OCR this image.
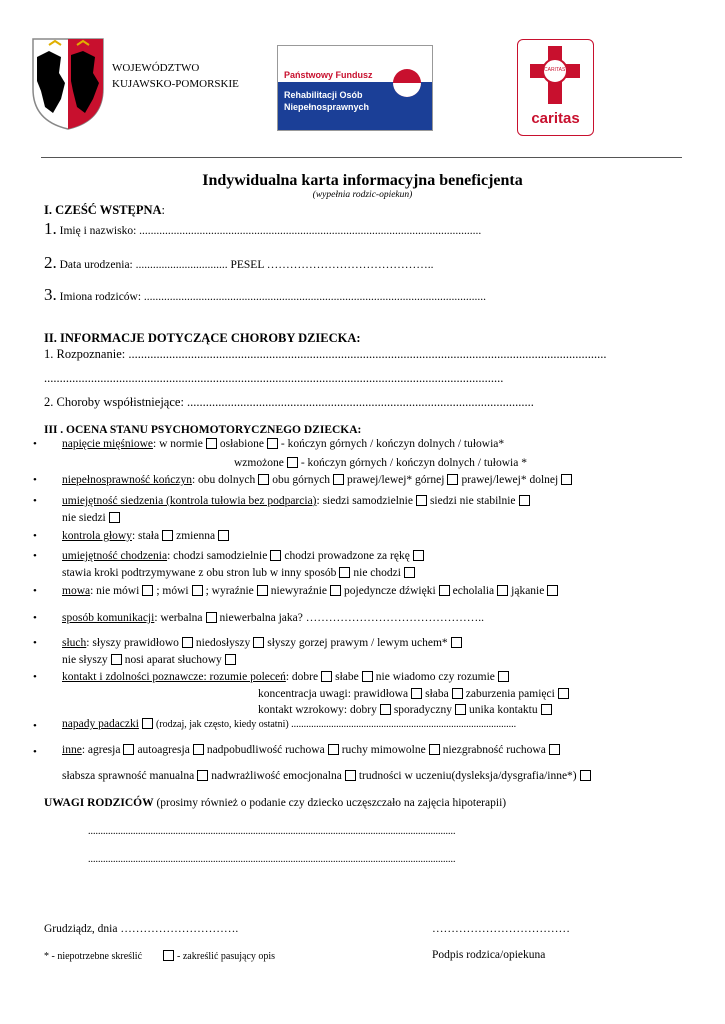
WOJEWÓDZTWO
KUJAWSKO-POMORSKIE
Państwowy Fundusz
Rehabilitacji Osób
Niepełnosprawnych
CARITAS
caritas
Indywidualna karta informacyjna beneficjenta
(wypełnia rodzic-opiekun)
I. CZEŚĆ WSTĘPNA:
1. Imię i nazwisko: .......................................................................................................................
2. Data urodzenia: ................................ PESEL ……………………………………..
3. Imiona rodziców: .......................................................................................................................
II. INFORMACJE DOTYCZĄCE CHOROBY DZIECKA:
1. Rozpoznanie: .........................................................................................................................................................
...................................................................................................................................................
2. Choroby współistniejące: ...............................................................................................................
III . OCENA STANU PSYCHOMOTORYCZNEGO DZIECKA:
• napięcie mięśniowe: w normie osłabione - kończyn górnych / kończyn dolnych / tułowia*
wzmożone - kończyn górnych / kończyn dolnych / tułowia *
• niepełnosprawność kończyn: obu dolnych obu górnych prawej/lewej* górnej prawej/lewej* dolnej
• umiejętność siedzenia (kontrola tułowia bez podparcia): siedzi samodzielnie siedzi nie stabilnie
nie siedzi
• kontrola głowy: stała zmienna
• umiejętność chodzenia: chodzi samodzielnie chodzi prowadzone za rękę
stawia kroki podtrzymywane z obu stron lub w inny sposób nie chodzi
• mowa: nie mówi ; mówi ; wyraźnie niewyraźnie pojedyncze dźwięki echolalia jąkanie
• sposób komunikacji: werbalna niewerbalna jaka? ………………………………………..
• słuch: słyszy prawidłowo niedosłyszy słyszy gorzej prawym / lewym uchem*
nie słyszy nosi aparat słuchowy
• kontakt i zdolności poznawcze: rozumie poleceń: dobre słabe nie wiadomo czy rozumie
koncentracja uwagi: prawidłowa słaba zaburzenia pamięci
kontakt wzrokowy: dobry sporadyczny unika kontaktu
• napady padaczki (rodzaj, jak często, kiedy ostatni) ..........................................................................................
• inne: agresja autoagresja nadpobudliwość ruchowa ruchy mimowolne niezgrabność ruchowa
słabsza sprawność manualna nadwrażliwość emocjonalna trudności w uczeniu(dysleksja/dysgrafia/inne*)
UWAGI RODZICÓW (prosimy również o podanie czy dziecko uczęszczało na zajęcia hipoterapii)
...................................................................................................................................................
...................................................................................................................................................
Grudziądz, dnia ………………………….	………………………………
* - niepotrzebne skreślić	- zakreślić pasujący opis	Podpis rodzica/opiekuna
